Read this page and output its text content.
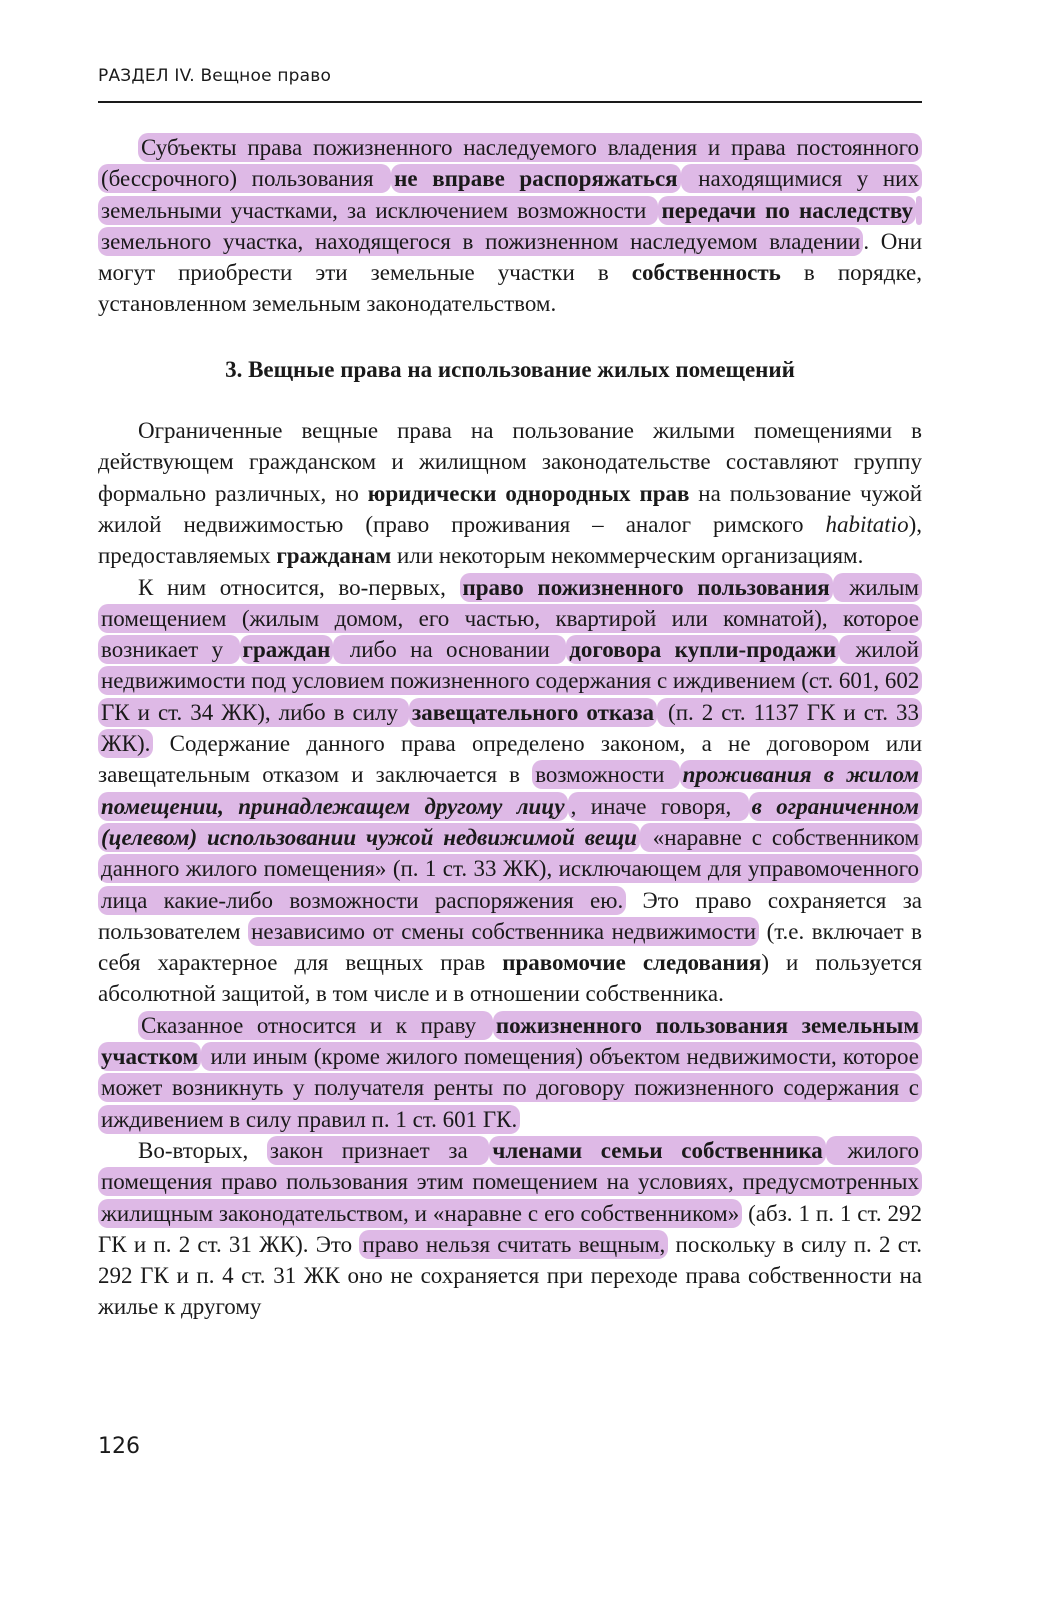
РАЗДЕЛ IV. Вещное право

Субъекты права пожизненного наследуемого владения и права постоянного (бессрочного) пользования не вправе распоряжаться находящимися у них земельными участками, за исключением возможности передачи по наследству земельного участка, находящегося в пожизненном наследуемом владении . Они могут приобрести эти земельные участки в собственность в порядке, установленном земельным законодательством.

3. Вещные права на использование жилых помещений

Ограниченные вещные права на пользование жилыми помещениями в действующем гражданском и жилищном законодательстве составляют группу формально различных, но юридически однородных прав на пользование чужой жилой недвижимостью (право проживания – аналог римского habitatio), предоставляемых гражданам или некоторым некоммерческим организациям.

К ним относится, во-первых, право пожизненного пользования жилым помещением (жилым домом, его частью, квартирой или комнатой), которое возникает у граждан либо на основании договора купли-продажи жилой недвижимости под условием пожизненного содержания с иждивением (ст. 601, 602 ГК и ст. 34 ЖК), либо в силу завещательного отказа (п. 2 ст. 1137 ГК и ст. 33 ЖК). Содержание данного права определено законом, а не договором или завещательным отказом и заключается в возможности проживания в жилом помещении, принадлежащем другому лицу , иначе говоря, в ограниченном (целевом) использовании чужой недвижимой вещи «наравне с собственником данного жилого помещения» (п. 1 ст. 33 ЖК), исключающем для управомоченного лица какие-либо возможности распоряжения ею. Это право сохраняется за пользователем независимо от смены собственника недвижимости (т.е. включает в себя характерное для вещных прав правомочие следования) и пользуется абсолютной защитой, в том числе и в отношении собственника.

Сказанное относится и к праву пожизненного пользования земельным участком или иным (кроме жилого помещения) объектом недвижимости, которое может возникнуть у получателя ренты по договору пожизненного содержания с иждивением в силу правил п. 1 ст. 601 ГК.

Во-вторых, закон признает за членами семьи собственника жилого помещения право пользования этим помещением на условиях, предусмотренных жилищным законодательством, и «наравне с его собственником» (абз. 1 п. 1 ст. 292 ГК и п. 2 ст. 31 ЖК). Это право нельзя считать вещным, поскольку в силу п. 2 ст. 292 ГК и п. 4 ст. 31 ЖК оно не сохраняется при переходе права собственности на жилье к другому

126
